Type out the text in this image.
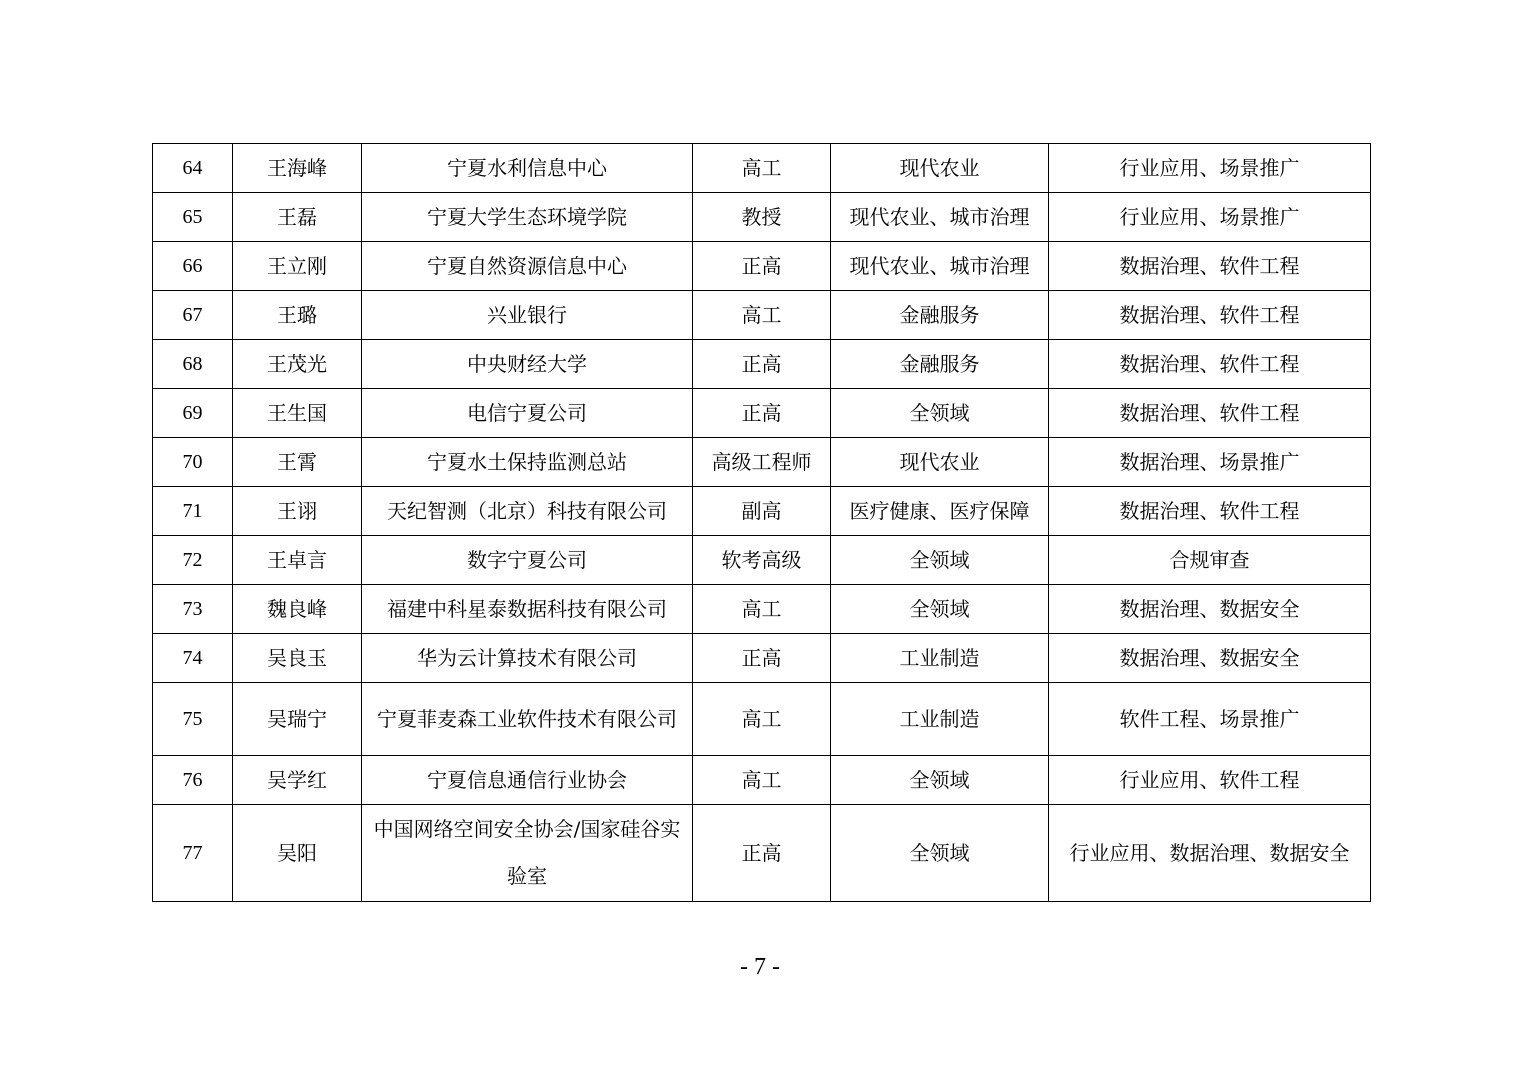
64	王海峰	宁夏水利信息中心	高工	现代农业	行业应用、场景推广
65	王磊	宁夏大学生态环境学院	教授	现代农业、城市治理	行业应用、场景推广
66	王立刚	宁夏自然资源信息中心	正高	现代农业、城市治理	数据治理、软件工程
67	王璐	兴业银行	高工	金融服务	数据治理、软件工程
68	王茂光	中央财经大学	正高	金融服务	数据治理、软件工程
69	王生国	电信宁夏公司	正高	全领域	数据治理、软件工程
70	王霄	宁夏水土保持监测总站	高级工程师	现代农业	数据治理、场景推广
71	王诩	天纪智测（北京）科技有限公司	副高	医疗健康、医疗保障	数据治理、软件工程
72	王卓言	数字宁夏公司	软考高级	全领域	合规审查
73	魏良峰	福建中科星泰数据科技有限公司	高工	全领域	数据治理、数据安全
74	吴良玉	华为云计算技术有限公司	正高	工业制造	数据治理、数据安全
75	吴瑞宁	宁夏菲麦森工业软件技术有限公司	高工	工业制造	软件工程、场景推广
76	吴学红	宁夏信息通信行业协会	高工	全领域	行业应用、软件工程
77	吴阳	中国网络空间安全协会/国家硅谷实验室	正高	全领域	行业应用、数据治理、数据安全
- 7 -
